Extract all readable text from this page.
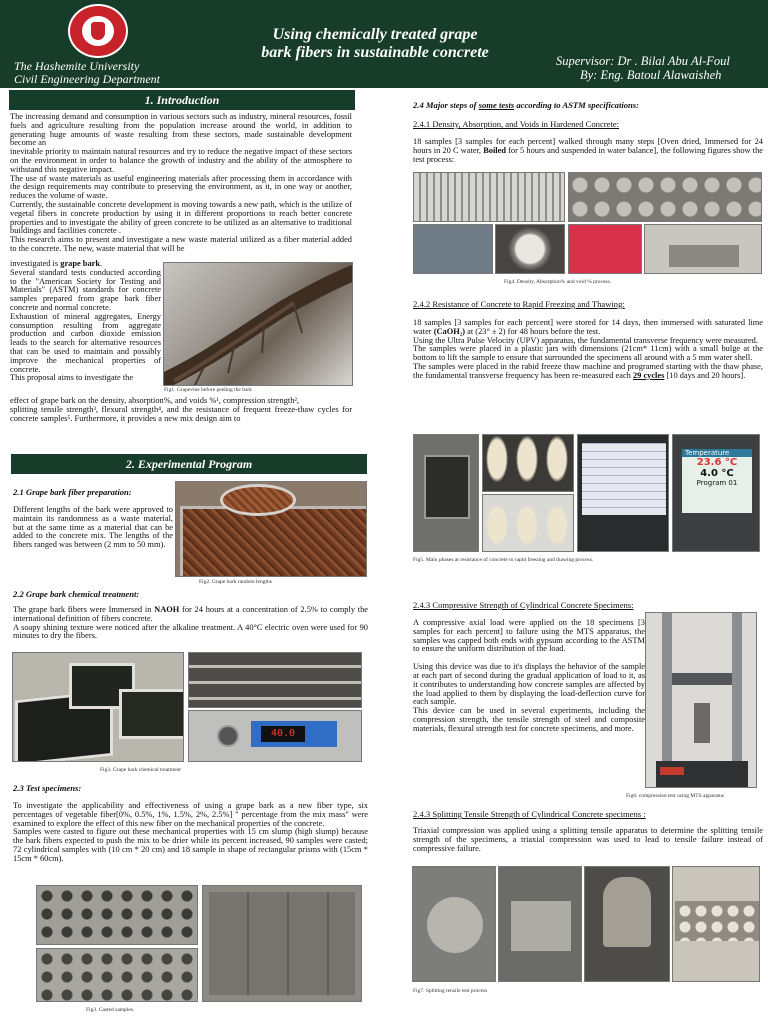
Using chemically treated grape
bark fibers in sustainable concrete
The Hashemite University
Civil Engineering Department
Supervisor: Dr . Bilal Abu Al-Foul
By: Eng. Batoul Alawaisheh
1. Introduction

The increasing demand and consumption in various sectors such as industry, mineral resources, fossil fuels and agriculture resulting from the population increase around the world, in addition to generating huge amounts of waste resulting from these sectors, made sustainable development become an

inevitable priority to maintain natural resources and try to reduce the negative impact of these sectors on the environment in order to balance the growth of industry and the ability of the atmosphere to withstand this negative impact.

The use of waste materials as useful engineering materials after processing them in accordance with the design requirements may contribute to preserving the environment, as it, in one way or another, reduces the volume of waste.

Currently, the sustainable concrete development is moving towards a new path, which is the utilize of vegetal fibers in concrete production by using it in different proportions to reach better concrete properties and to investigate the ability of green concrete to be utilized as an alternative to traditional buildings and facilities concrete .

This research aims to present and investigate a new waste material utilized as a fiber material added to the concrete. The new, waste material that will be

investigated is grape bark.

Several standard tests conducted according to the "American Society for Testing and Materials" (ASTM) standards for concrete samples prepared from grape bark fiber concrete and normal concrete.

Exhaustion of mineral aggregates, Energy consumption resulting from aggregate production and carbon dioxide emission leads to the search for alternative resources that can be used to maintain and possibly improve the mechanical properties of concrete.

This proposal aims to investigate the

Fig1. Grapevine before peeling the bark

effect of grape bark on the density, absorption%, and voids %¹, compression strength²,

splitting tensile strength³, flexural strength⁴, and the resistance of frequent freeze-thaw cycles for concrete samples⁵. Furthermore, it provides a new mix design aim to

2. Experimental Program
2.1 Grape bark fiber preparation:
Different lengths of the bark were approved to maintain its randomness as a waste material, but at the same time as a material that can be added to the concrete mix. The lengths of the fibers ranged was between (2 mm to 50 mm).
Fig2. Grape bark random lengths
2.2 Grape bark chemical treatment:

The grape bark fibers were Immersed in NAOH for 24 hours at a concentration of 2.5% to comply the international definition of fibers concrete.

A soapy shining texture were noticed after the alkaline treatment. A 40°C electric oven were used for 90 minutes to dry the fibers.

40.0
Fig3. Grape bark chemical treatment
2.3 Test specimens:

To investigate the applicability and effectiveness of using a grape bark as a new fiber type, six percentages of vegetable fiber[0%, 0.5%, 1%, 1.5%, 2%, 2.5%] " percentage from the mix mass" were examined to explore the effect of this new fiber on the mechanical properties of the concrete.

Samples were casted to figure out these mechanical properties with 15 cm slump (high slump) because the bark fibers expected to push the mix to be drier while its percent increased, 90 samples were casted; 72 cylindrical samples with (10 cm * 20 cm) and 18 sample in shape of rectangular prisms with (15cm * 15cm * 60cm).

Fig3. Casted samples.
2.4 Major steps of some tests according to ASTM specifications:
2.4.1 Density, Absorption, and Voids in Hardened Concrete:

18 samples [3 samples for each percent] walked through many steps [Oven dried, Immersed for 24 hours in 20 C water, Boiled for 5 hours and suspended in water balance], the following figures show the test process:

Fig4. Density, Absorption% and void % process.
2.4.2 Resistance of Concrete to Rapid Freezing and Thawing:

18 samples [3 samples for each percent] were stored for 14 days, then immersed with saturated lime water (CaOH₂) at (23° ± 2) for 48 hours before the test.

Using the Ultra Pulse Velocity (UPV) apparatus, the fundamental transverse frequency were measured.

The samples were placed in a plastic jars with dimensions (21cm* 11cm) with a small bulge at the bottom to lift the sample to ensure that surrounded the specimens all around with a 5 mm water shell.

The samples were placed in the rabid freeze thaw machine and programed starting with the thaw phase, the fundamental transverse frequency has been re-measured each 29 cycles [10 days and 20 hours].

Temperature
23.6 °C
4.0 °C
Program 01
Fig5. Main phases at resistance of concrete to rapid freezing and thawing process.
2.4.3 Compressive Strength of Cylindrical Concrete Specimens:

A compressive axial load were applied on the 18 specimens [3 samples for each percent] to failure using the MTS apparatus, the samples was capped both ends with gypsum according to the ASTM to ensure the uniform distribution of the load.

Using this device was due to it's displays the behavior of the sample at each part of second during the gradual application of load to it, as it contributes to understanding how concrete samples are affected by the load applied to them by displaying the load-deflection curve for each sample.

This device can be used in several experiments, including the compression strength, the tensile strength of steel and composite materials, flexural strength test for concrete specimens, and more.

Fig6. compression test using MTS apparatus
2.4.3 Splitting Tensile Strength of Cylindrical Concrete specimens :
Triaxial compression was applied using a splitting tensile apparatus to determine the splitting tensile strength of the specimens, a triaxial compression was used to lead to tensile failure instead of compressive failure.
Fig7. Splitting tensile test process
